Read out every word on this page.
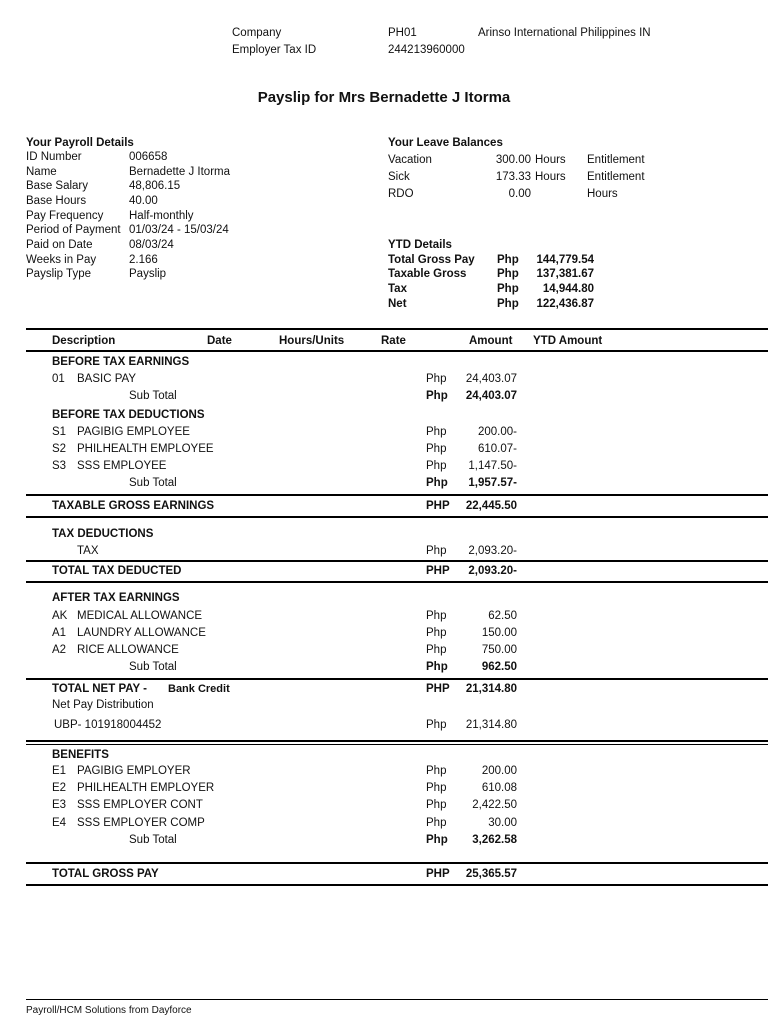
Company	PH01	Arinso International Philippines IN
Employer Tax ID	244213960000
Payslip for Mrs Bernadette J Itorma
Your Payroll Details
ID Number	006658
Name	Bernadette J Itorma
Base Salary	48,806.15
Base Hours	40.00
Pay Frequency Half-monthly
Period of Payment 01/03/24 - 15/03/24
Paid on Date	08/03/24
Weeks in Pay	2.166
Payslip Type	Payslip
Your Leave Balances
Vacation	300.00 Hours Entitlement
Sick	173.33 Hours Entitlement
RDO	0.00	Hours
YTD Details
Total Gross Pay Php	144,779.54
Taxable Gross	Php	137,381.67
Tax	Php	14,944.80
Net	Php	122,436.87
Description	Date	Hours/Units	Rate	Amount YTD Amount
BEFORE TAX EARNINGS
01 BASIC PAY	Php	24,403.07
Sub Total	Php	24,403.07
BEFORE TAX DEDUCTIONS
S1 PAGIBIG EMPLOYEE	Php	200.00-
S2 PHILHEALTH EMPLOYEE	Php	610.07-
S3 SSS EMPLOYEE	Php	1,147.50-
Sub Total	Php	1,957.57-
TAXABLE GROSS EARNINGS	PHP	22,445.50
TAX DEDUCTIONS
TAX	Php	2,093.20-
TOTAL TAX DEDUCTED	PHP	2,093.20-
AFTER TAX EARNINGS
AK MEDICAL ALLOWANCE	Php	62.50
A1 LAUNDRY ALLOWANCE	Php	150.00
A2 RICE ALLOWANCE	Php	750.00
Sub Total	Php	962.50
TOTAL NET PAY - Bank Credit	PHP	21,314.80
Net Pay Distribution
UBP- 101918004452	Php	21,314.80
BENEFITS
E1 PAGIBIG EMPLOYER	Php	200.00
E2 PHILHEALTH EMPLOYER	Php	610.08
E3 SSS EMPLOYER CONT	Php	2,422.50
E4 SSS EMPLOYER COMP	Php	30.00
Sub Total	Php	3,262.58
TOTAL GROSS PAY	PHP	25,365.57
Payroll/HCM Solutions from Dayforce
